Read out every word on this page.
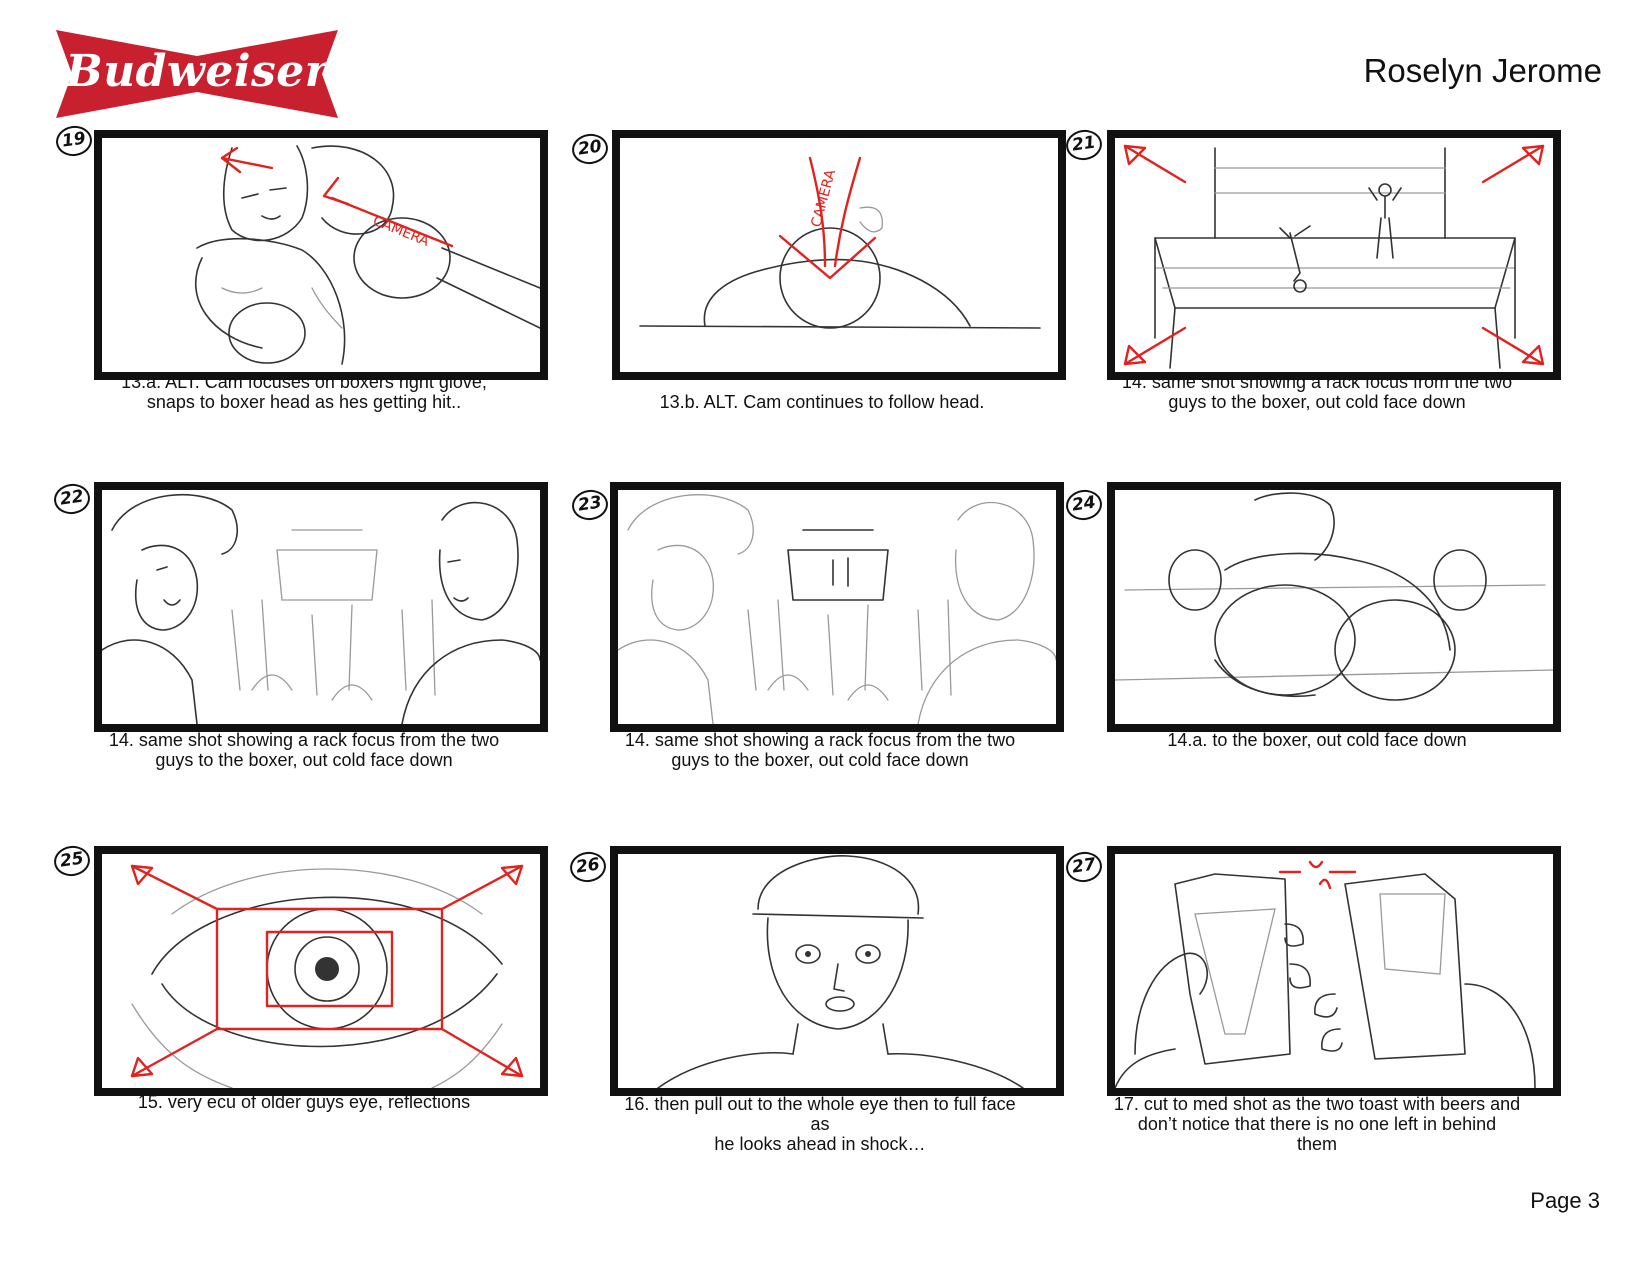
Budweiser	Roselyn Jerome
19
CAMERA
13.a. ALT. Cam focuses on boxers right glove,
snaps to boxer head as hes getting hit..
20
CAMERA
13.b. ALT. Cam continues to follow head.
21
14. same shot showing a rack focus from the two
guys to the boxer, out cold face down
22
14. same shot showing a rack focus from the two
guys to the boxer, out cold face down
23
14. same shot showing a rack focus from the two
guys to the boxer, out cold face down
24
14.a. to the boxer, out cold face down
25
15. very ecu of older guys eye, reflections
26
16. then pull out to the whole eye then to full face
as
he looks ahead in shock…
27
17. cut to med shot as the two toast with beers and
don’t notice that there is no one left in behind
them
Page 3
